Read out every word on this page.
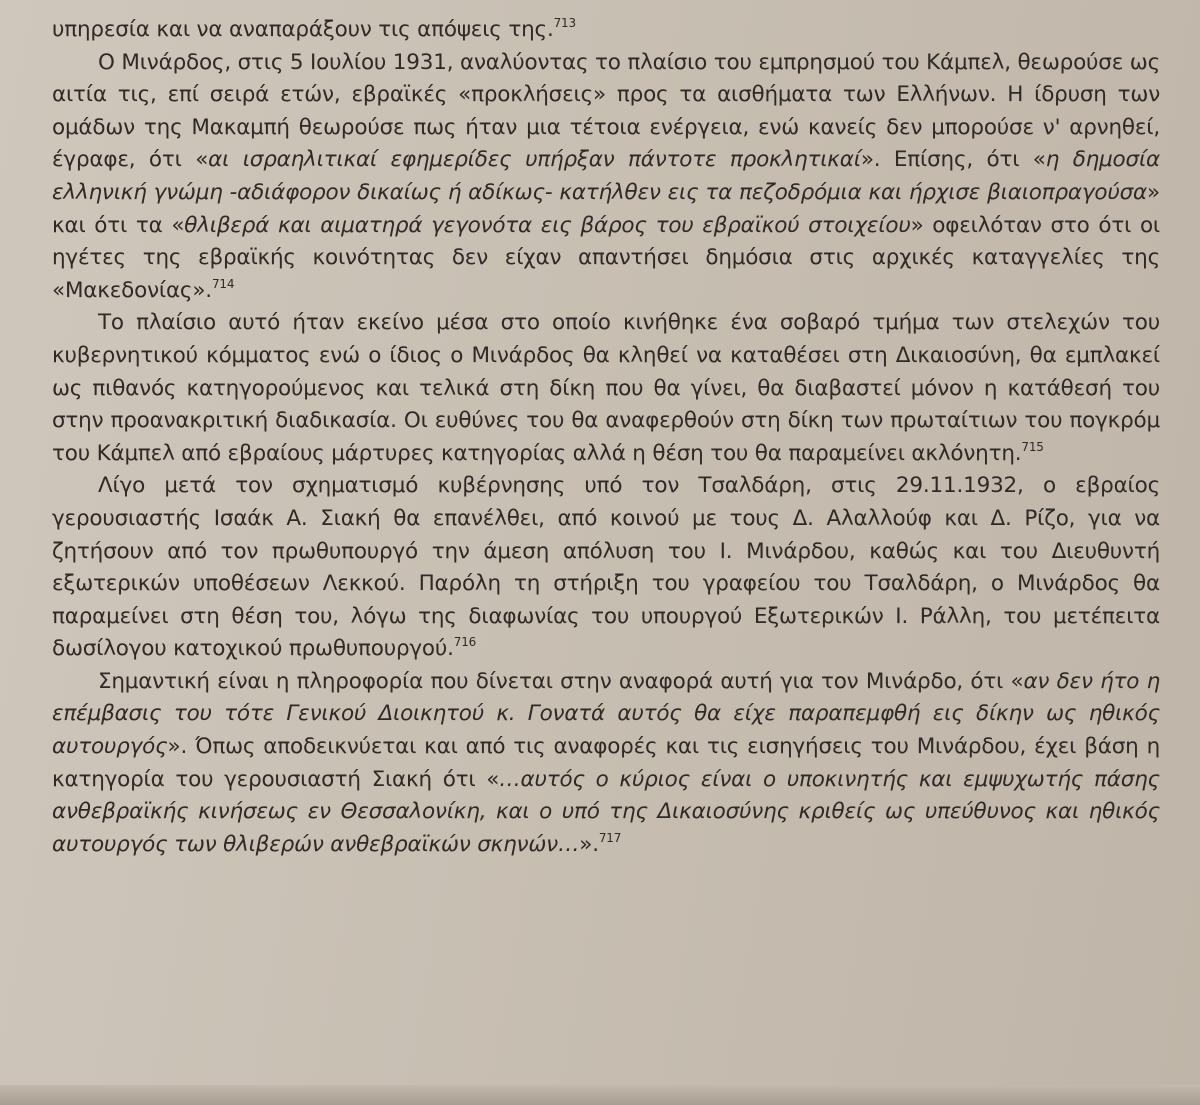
υπηρεσία και να αναπαράξουν τις απόψεις της.$^{713}$

Ο Μινάρδος, στις 5 Ιουλίου 1931, αναλύοντας το πλαίσιο του εμπρησμού του Κάμπελ, θεωρούσε ως αιτία τις, επί σειρά ετών, εβραϊκές «προκλήσεις» προς τα αισθήματα των Ελλήνων. Η ίδρυση των ομάδων της Μακαμπή θεωρούσε πως ήταν μια τέτοια ενέργεια, ενώ κανείς δεν μπορούσε ν' αρνηθεί, έγραφε, ότι «αι ισραηλιτικαί εφημερίδες υπήρξαν πάντοτε προκλητικαί». Επίσης, ότι «η δημοσία ελληνική γνώμη -αδιάφορον δικαίως ή αδίκως- κατήλθεν εις τα πεζοδρόμια και ήρχισε βιαιοπραγούσα» και ότι τα «θλιβερά και αιματηρά γεγονότα εις βάρος του εβραϊκού στοιχείου» οφειλόταν στο ότι οι ηγέτες της εβραϊκής κοινότητας δεν είχαν απαντήσει δημόσια στις αρχικές καταγγελίες της «Μακεδονίας».$^{714}$

Το πλαίσιο αυτό ήταν εκείνο μέσα στο οποίο κινήθηκε ένα σοβαρό τμήμα των στελεχών του κυβερνητικού κόμματος ενώ ο ίδιος ο Μινάρδος θα κληθεί να καταθέσει στη Δικαιοσύνη, θα εμπλακεί ως πιθανός κατηγορούμενος και τελικά στη δίκη που θα γίνει, θα διαβαστεί μόνον η κατάθεσή του στην προανακριτική διαδικασία. Οι ευθύνες του θα αναφερθούν στη δίκη των πρωταίτιων του πογκρόμ του Κάμπελ από εβραίους μάρτυρες κατηγορίας αλλά η θέση του θα παραμείνει ακλόνητη.$^{715}$

Λίγο μετά τον σχηματισμό κυβέρνησης υπό τον Τσαλδάρη, στις 29.11.1932, ο εβραίος γερουσιαστής Ισαάκ Α. Σιακή θα επανέλθει, από κοινού με τους Δ. Αλαλλούφ και Δ. Ρίζο, για να ζητήσουν από τον πρωθυπουργό την άμεση απόλυση του Ι. Μινάρδου, καθώς και του Διευθυντή εξωτερικών υποθέσεων Λεκκού. Παρόλη τη στήριξη του γραφείου του Τσαλδάρη, ο Μινάρδος θα παραμείνει στη θέση του, λόγω της διαφωνίας του υπουργού Εξωτερικών Ι. Ράλλη, του μετέπειτα δωσίλογου κατοχικού πρωθυπουργού.$^{716}$

Σημαντική είναι η πληροφορία που δίνεται στην αναφορά αυτή για τον Μινάρδο, ότι «αν δεν ήτο η επέμβασις του τότε Γενικού Διοικητού κ. Γονατά αυτός θα είχε παραπεμφθή εις δίκην ως ηθικός αυτουργός». Όπως αποδεικνύεται και από τις αναφορές και τις εισηγήσεις του Μινάρδου, έχει βάση η κατηγορία του γερουσιαστή Σιακή ότι «…αυτός ο κύριος είναι ο υποκινητής και εμψυχωτής πάσης ανθεβραϊκής κινήσεως εν Θεσσαλονίκη, και ο υπό της Δικαιοσύνης κριθείς ως υπεύθυνος και ηθικός αυτουργός των θλιβερών ανθεβραϊκών σκηνών…».$^{717}$
